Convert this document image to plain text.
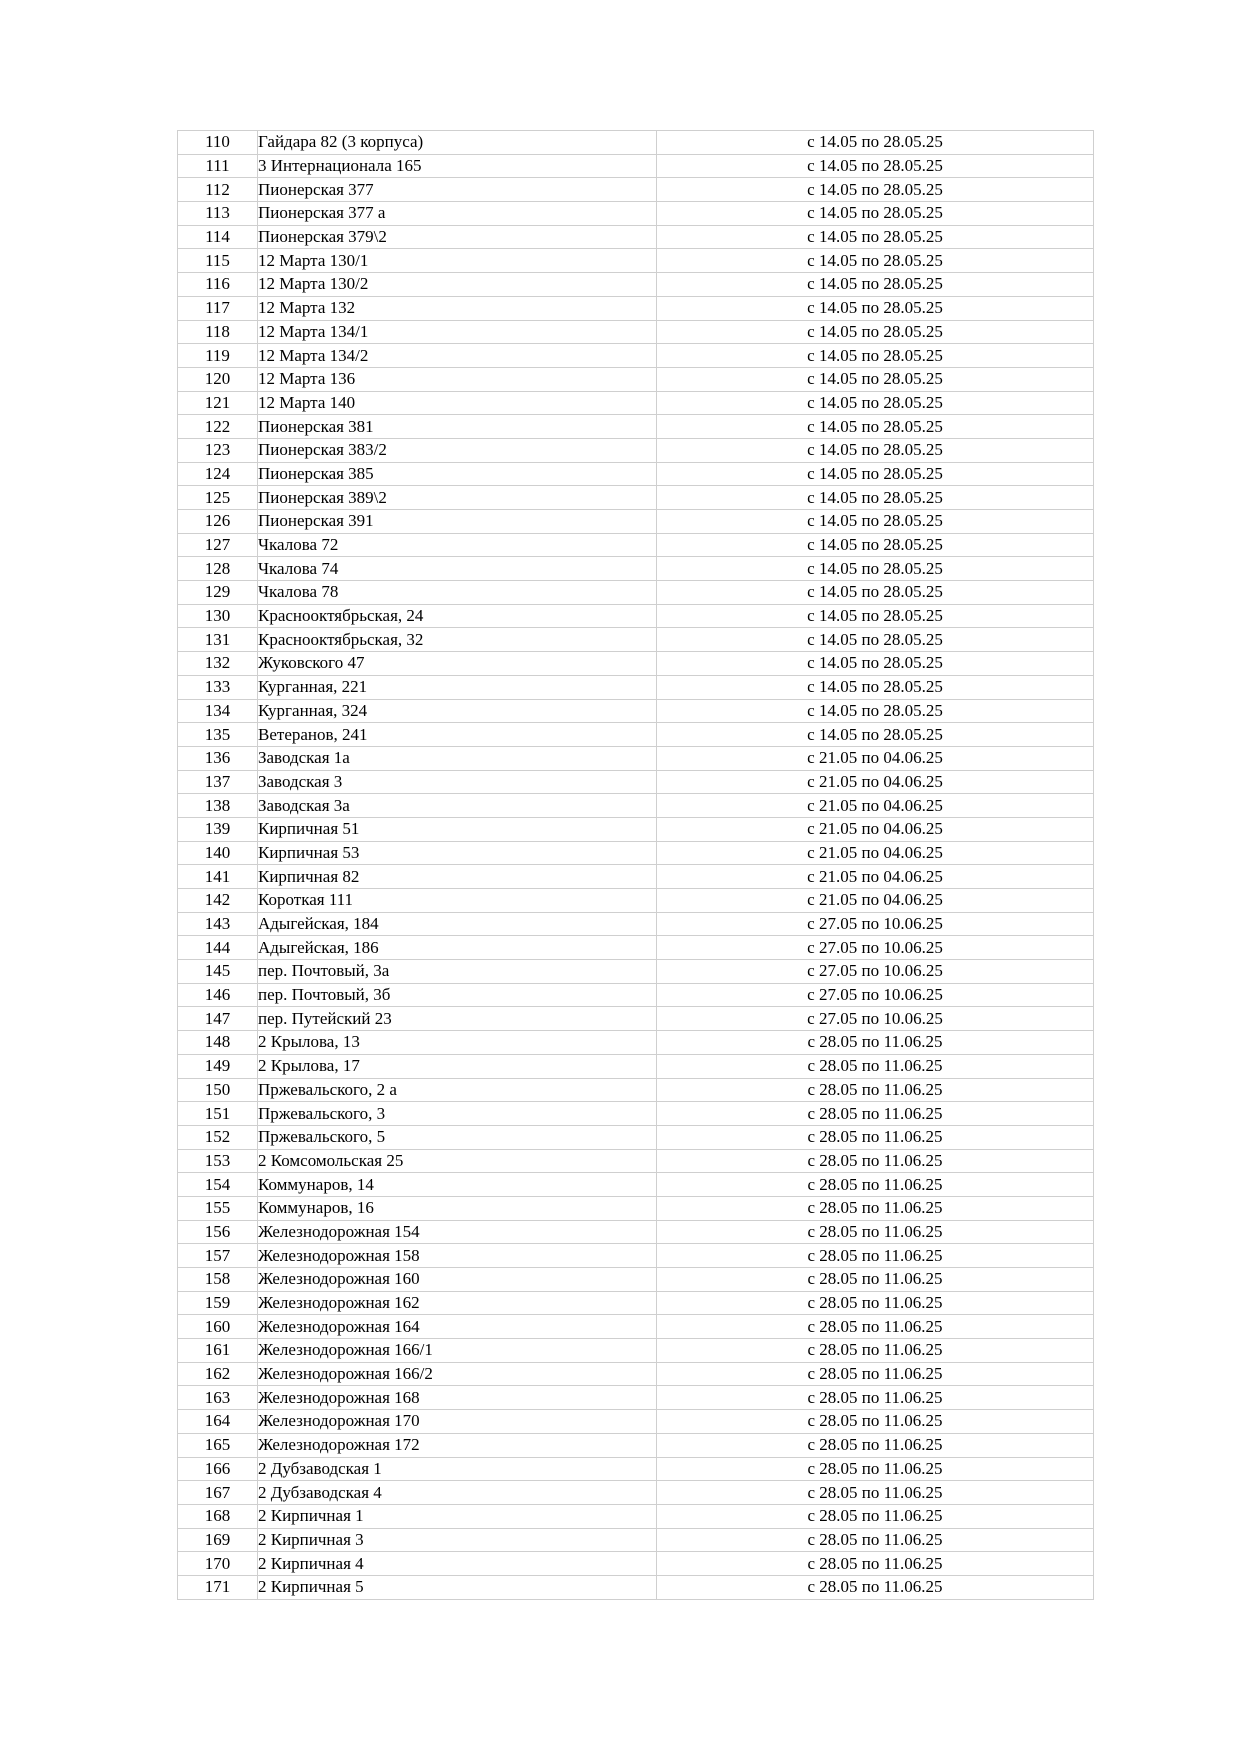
110	Гайдара 82 (3 корпуса)	с 14.05 по 28.05.25
111	3 Интернационала 165	с 14.05 по 28.05.25
112	Пионерская 377	с 14.05 по 28.05.25
113	Пионерская 377 а	с 14.05 по 28.05.25
114	Пионерская 379\2	с 14.05 по 28.05.25
115	12 Марта 130/1	с 14.05 по 28.05.25
116	12 Марта 130/2	с 14.05 по 28.05.25
117	12 Марта 132	с 14.05 по 28.05.25
118	12 Марта 134/1	с 14.05 по 28.05.25
119	12 Марта 134/2	с 14.05 по 28.05.25
120	12 Марта 136	с 14.05 по 28.05.25
121	12 Марта 140	с 14.05 по 28.05.25
122	Пионерская 381	с 14.05 по 28.05.25
123	Пионерская 383/2	с 14.05 по 28.05.25
124	Пионерская 385	с 14.05 по 28.05.25
125	Пионерская 389\2	с 14.05 по 28.05.25
126	Пионерская 391	с 14.05 по 28.05.25
127	Чкалова 72	с 14.05 по 28.05.25
128	Чкалова 74	с 14.05 по 28.05.25
129	Чкалова 78	с 14.05 по 28.05.25
130	Краснооктябрьская, 24	с 14.05 по 28.05.25
131	Краснооктябрьская, 32	с 14.05 по 28.05.25
132	Жуковского 47	с 14.05 по 28.05.25
133	Курганная, 221	с 14.05 по 28.05.25
134	Курганная, 324	с 14.05 по 28.05.25
135	Ветеранов, 241	с 14.05 по 28.05.25
136	Заводская 1а	с 21.05 по 04.06.25
137	Заводская 3	с 21.05 по 04.06.25
138	Заводская 3а	с 21.05 по 04.06.25
139	Кирпичная 51	с 21.05 по 04.06.25
140	Кирпичная 53	с 21.05 по 04.06.25
141	Кирпичная 82	с 21.05 по 04.06.25
142	Короткая 111	с 21.05 по 04.06.25
143	Адыгейская, 184	с 27.05 по 10.06.25
144	Адыгейская, 186	с 27.05 по 10.06.25
145	пер. Почтовый, 3а	с 27.05 по 10.06.25
146	пер. Почтовый, 3б	с 27.05 по 10.06.25
147	пер. Путейский 23	с 27.05 по 10.06.25
148	2 Крылова, 13	с 28.05 по 11.06.25
149	2 Крылова, 17	с 28.05 по 11.06.25
150	Пржевальского, 2 а	с 28.05 по 11.06.25
151	Пржевальского, 3	с 28.05 по 11.06.25
152	Пржевальского, 5	с 28.05 по 11.06.25
153	2 Комсомольская 25	с 28.05 по 11.06.25
154	Коммунаров, 14	с 28.05 по 11.06.25
155	Коммунаров, 16	с 28.05 по 11.06.25
156	Железнодорожная 154	с 28.05 по 11.06.25
157	Железнодорожная 158	с 28.05 по 11.06.25
158	Железнодорожная 160	с 28.05 по 11.06.25
159	Железнодорожная 162	с 28.05 по 11.06.25
160	Железнодорожная 164	с 28.05 по 11.06.25
161	Железнодорожная 166/1	с 28.05 по 11.06.25
162	Железнодорожная 166/2	с 28.05 по 11.06.25
163	Железнодорожная 168	с 28.05 по 11.06.25
164	Железнодорожная 170	с 28.05 по 11.06.25
165	Железнодорожная 172	с 28.05 по 11.06.25
166	2 Дубзаводская 1	с 28.05 по 11.06.25
167	2 Дубзаводская 4	с 28.05 по 11.06.25
168	2 Кирпичная 1	с 28.05 по 11.06.25
169	2 Кирпичная 3	с 28.05 по 11.06.25
170	2 Кирпичная 4	с 28.05 по 11.06.25
171	2 Кирпичная 5	с 28.05 по 11.06.25
